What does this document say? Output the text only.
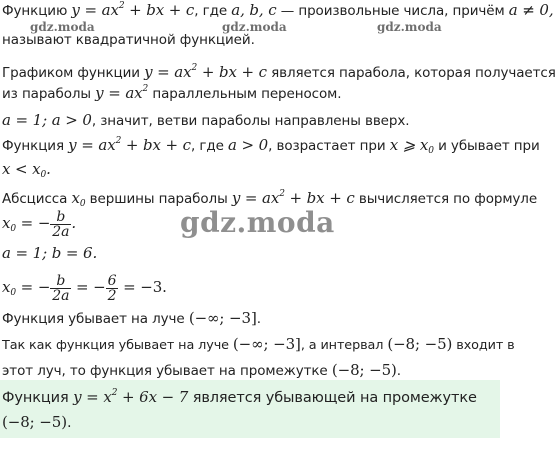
Функцию $y = ax^2$ + bx + c, где a, b, c — произвольные числа, причём a ≠ 0,
называют квадратичной функцией.
Графиком функции $y = ax^2$ + bx + c является парабола, которая получается
из параболы $y = ax^2$ параллельным переносом.
a = 1; a > 0, значит, ветви параболы направлены вверх.
Функция $y = ax^2$ + bx + c, где a > 0, возрастает при x ⩾ $x_0$ и убывает при
$x < x_0$.
Абсцисса $x_0$ вершины параболы $y = ax^2$ + bx + c вычисляется по формуле
$x_0$ = − $\frac{b}{2a}$ .
a = 1; b = 6.
$x_0$ = − $\frac{b}{2a}$ = − $\frac{6}{2} = -3$.
Функция убывает на луче (−∞; −3].
Так как функция убывает на луче (−∞; −3], а интервал (−8; −5) входит в
этот луч, то функция убывает на промежутке (−8; −5).
Функция $y = x^2 + 6x - 7$ является убывающей на промежутке
(−8; −5).
gdz.moda	gdz.moda	gdz.moda
gdz.moda
